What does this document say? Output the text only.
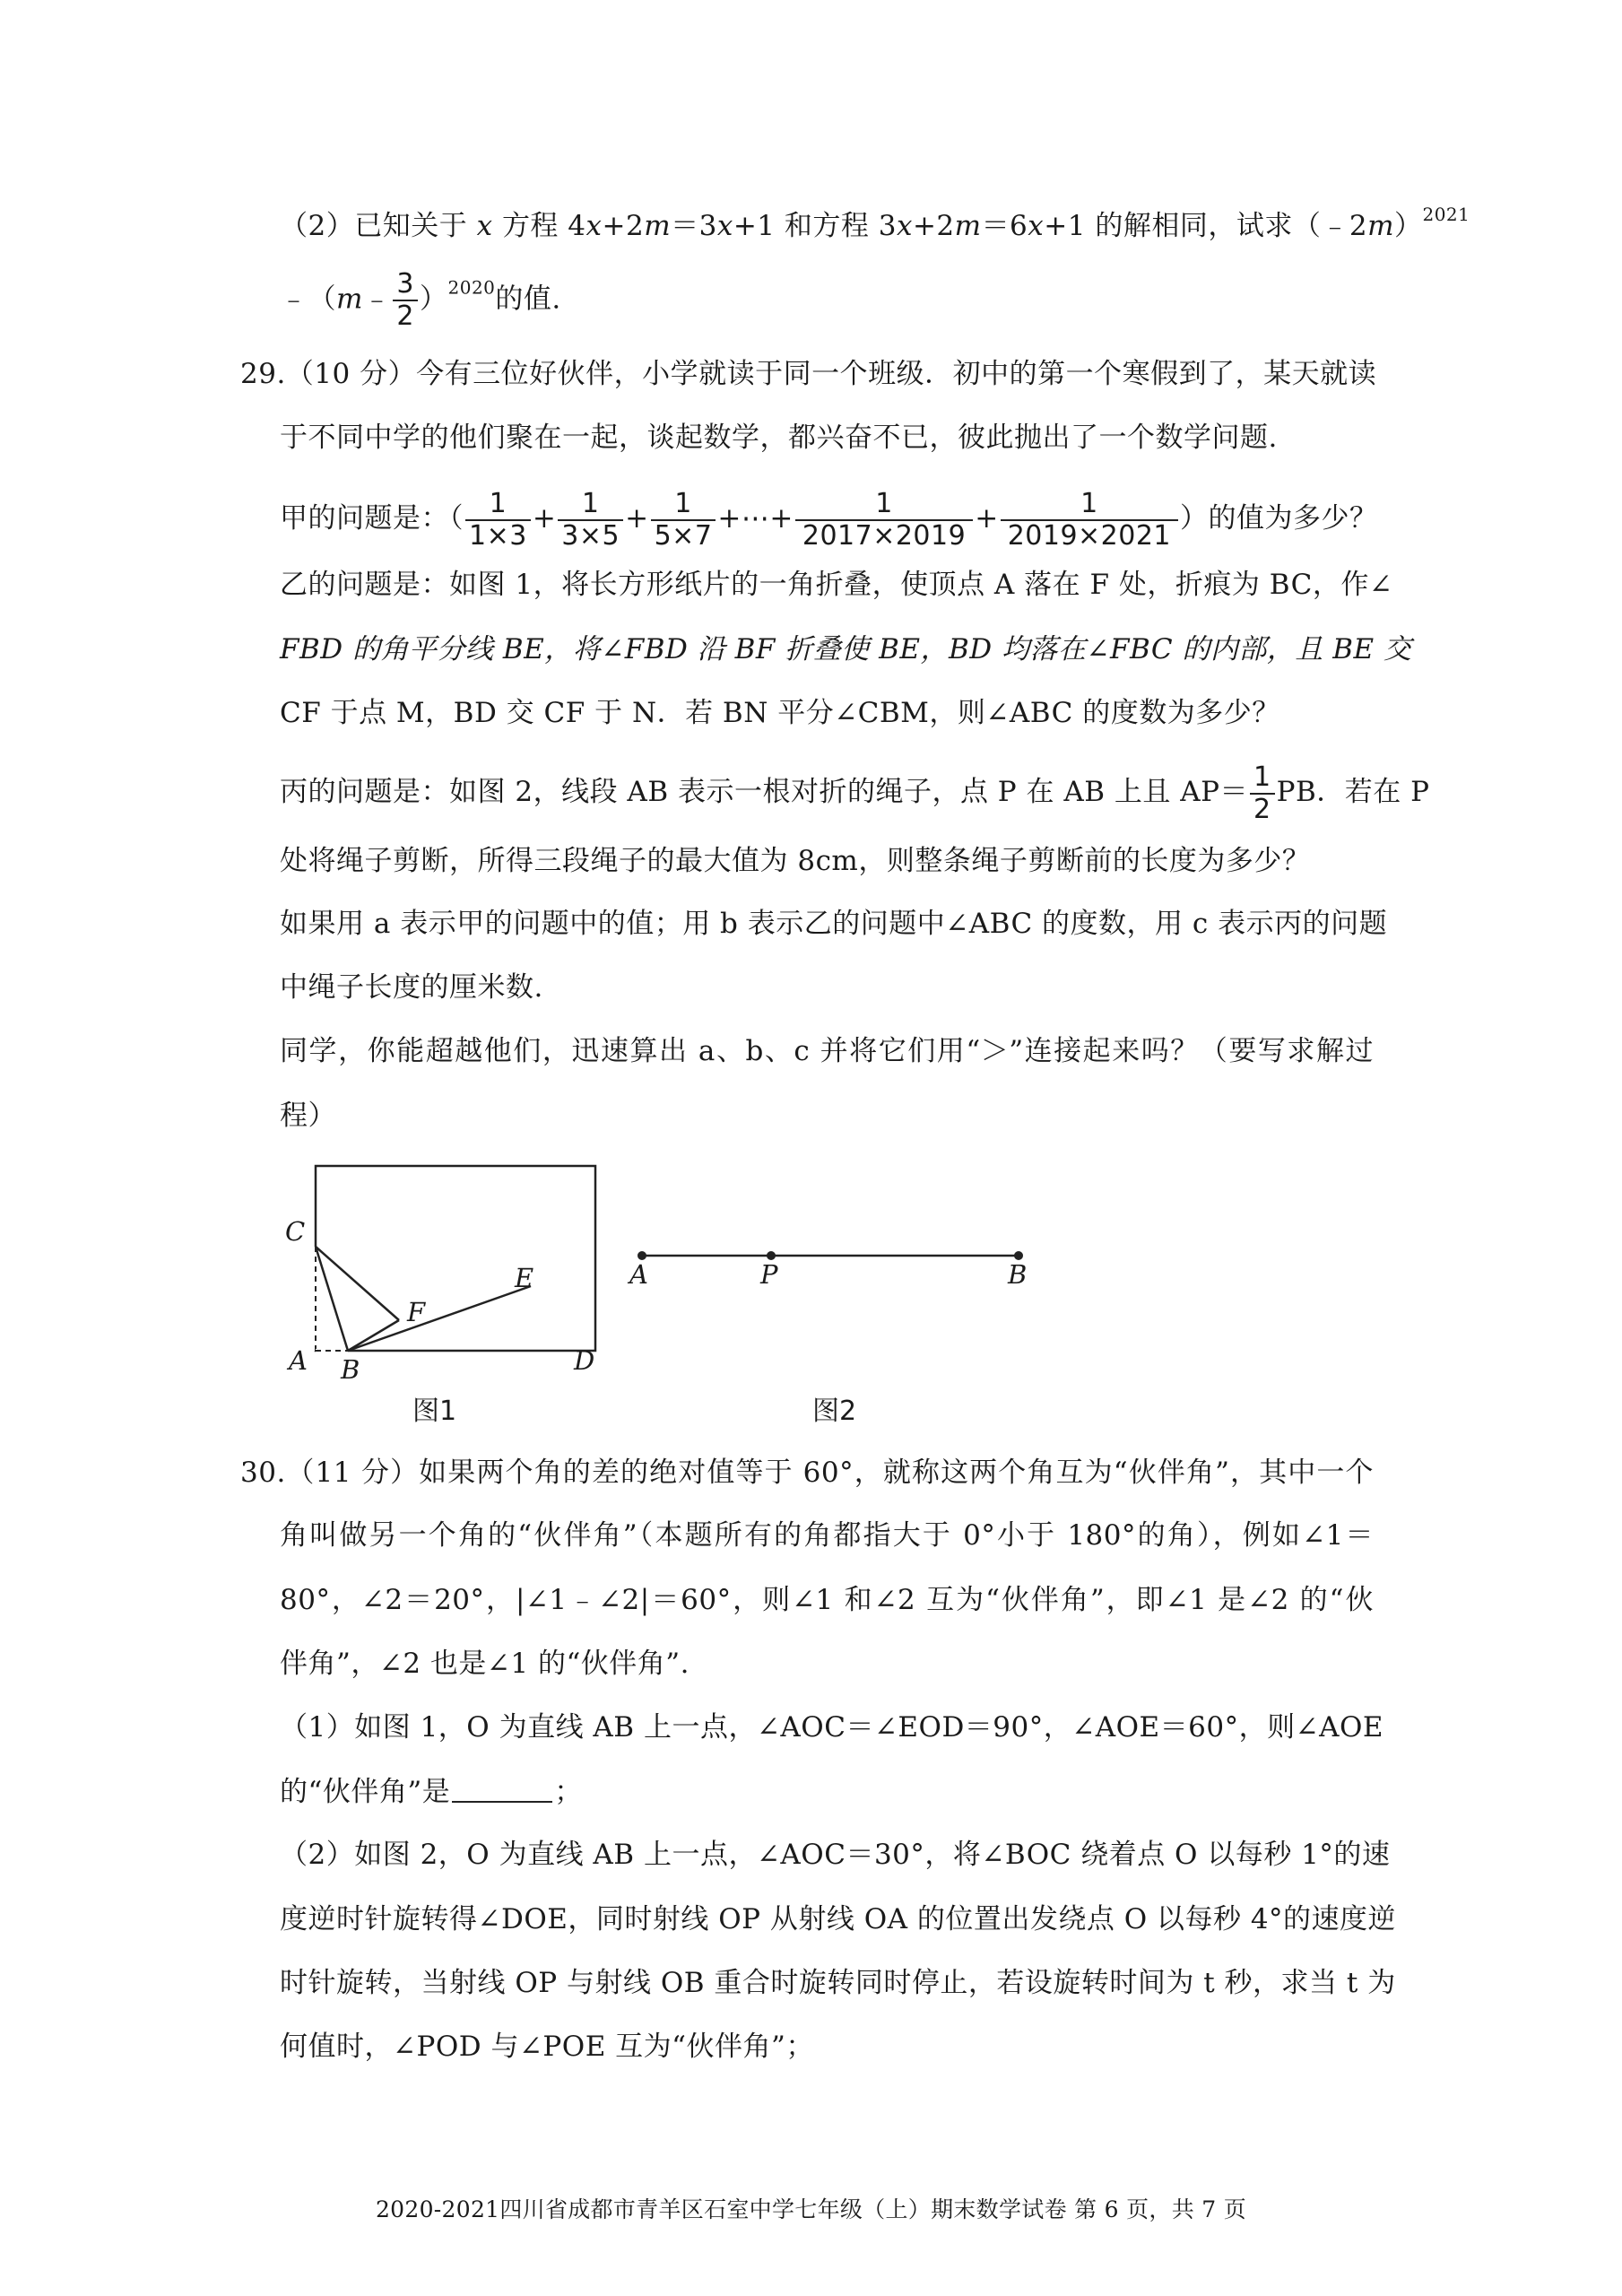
（2）已知关于 x 方程 4x+2m＝3x+1 和方程 3x+2m＝6x+1 的解相同，试求（﹣2m）$^{2021}$
﹣（m﹣ $\frac{3}{2} )^{2020}$的值.
29.（10 分）今有三位好伙伴，小学就读于同一个班级．初中的第一个寒假到了，某天就读
于不同中学的他们聚在一起，谈起数学，都兴奋不已，彼此抛出了一个数学问题.
甲的问题是：（ $\frac{1}{1\times 3} + \frac{1}{3\times 5} + \frac{1}{5\times 7}$ +⋯+ $\frac{1}{2017\times 2019} + \frac{1}{2019\times 2021}$ ）的值为多少？
乙的问题是：如图 1，将长方形纸片的一角折叠，使顶点 A 落在 F 处，折痕为 BC，作∠
FBD 的角平分线 BE，将∠FBD 沿 BF 折叠使 BE，BD 均落在∠FBC 的内部，且 BE 交
CF 于点 M，BD 交 CF 于 N．若 BN 平分∠CBM，则∠ABC 的度数为多少？
丙的问题是：如图 2，线段 AB 表示一根对折的绳子，点 P 在 AB 上且 $AP= \frac{1}{2}$ PB．若在 P
处将绳子剪断，所得三段绳子的最大值为 8cm，则整条绳子剪断前的长度为多少？
如果用 a 表示甲的问题中的值；用 b 表示乙的问题中∠ABC 的度数，用 c 表示丙的问题
中绳子长度的厘米数.
同学，你能超越他们，迅速算出 a、b、c 并将它们用“＞”连接起来吗？（要写求解过
程）
C
A B	D
E
F
图1
A	P	B
图2
30.（11 分）如果两个角的差的绝对值等于 60°，就称这两个角互为“伙伴角”，其中一个
角叫做另一个角的“伙伴角”（本题所有的角都指大于 0°小于 180°的角），例如∠1＝
80°，∠2＝20°，|∠1﹣∠2|＝60°，则∠1 和∠2 互为“伙伴角”，即∠1 是∠2 的“伙
伴角”，∠2 也是∠1 的“伙伴角”.
（1）如图 1，O 为直线 AB 上一点，∠AOC＝∠EOD＝90°，∠AOE＝60°，则∠AOE
的“伙伴角”是	；
（2）如图 2，O 为直线 AB 上一点，∠AOC＝30°，将∠BOC 绕着点 O 以每秒 1°的速
度逆时针旋转得∠DOE，同时射线 OP 从射线 OA 的位置出发绕点 O 以每秒 4°的速度逆
时针旋转，当射线 OP 与射线 OB 重合时旋转同时停止，若设旋转时间为 t 秒，求当 t 为
何值时，∠POD 与∠POE 互为“伙伴角”；
2020-2021四川省成都市青羊区石室中学七年级（上）期末数学试卷 第 6 页，共 7 页
